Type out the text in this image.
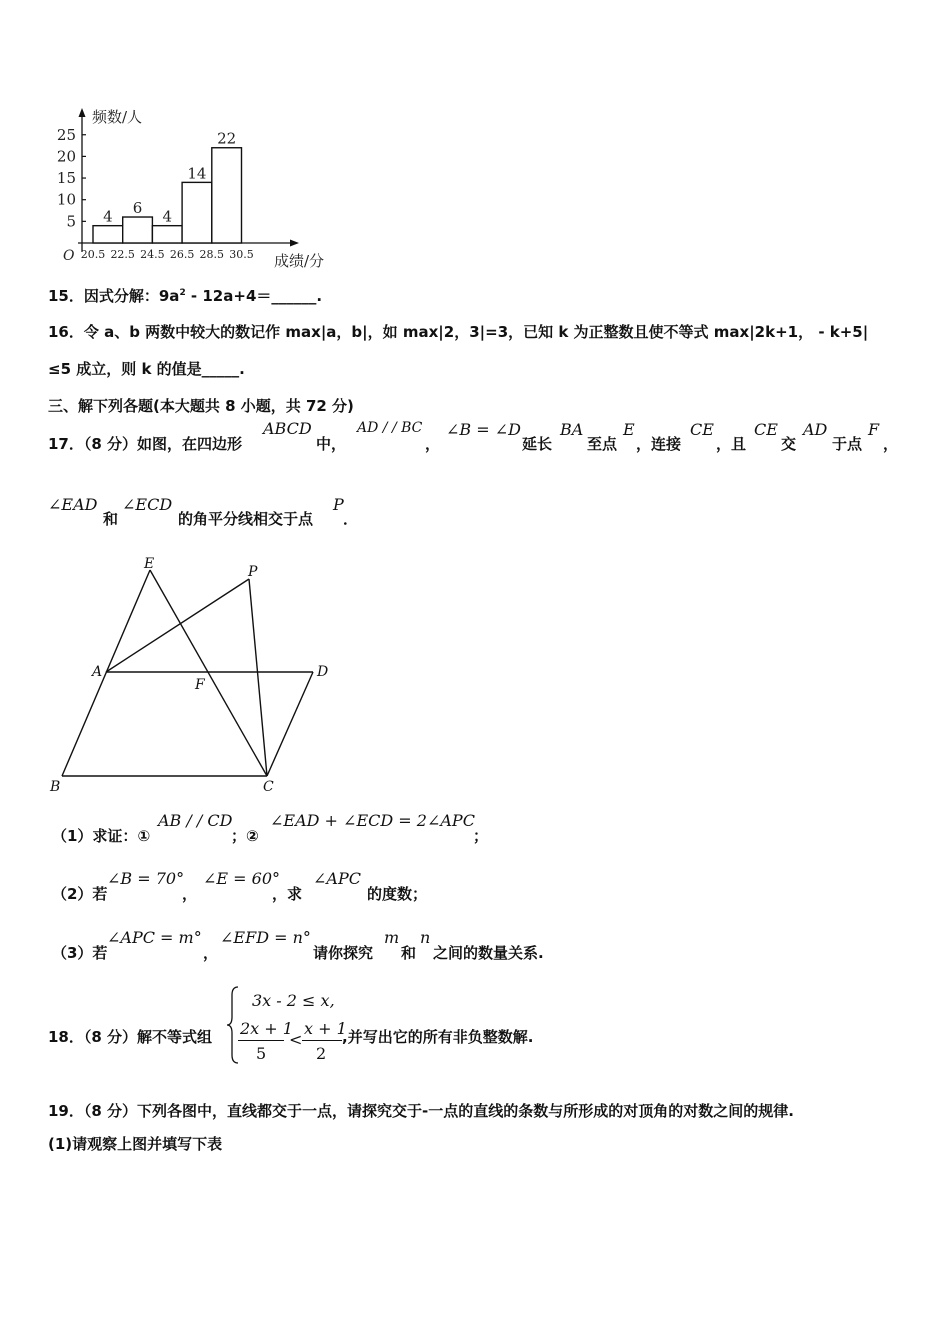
频数/人
成绩/分
O
5
10
15
20
25
20.5 22.5 24.5 26.5 28.5 30.5
4 6 4
14
22
15．因式分解：$9a^2$ - 12a+4＝______.
16．令 a、b 两数中较大的数记作 max|a，b|，如 max|2，3|=3，已知 k 为正整数且使不等式 max|2k+1， - k+5|
≤5 成立，则 k 的值是_____.
三、解下列各题(本大题共 8 小题，共 72 分)
17．（8 分）如图，在四边形
ABCD
中，
AD / / BC
，
∠B = ∠D
延长
BA
至点
E
，连接
CE
，且
CE
交
AD
于点
F
，
∠EAD
和
∠ECD
的角平分线相交于点
P
．
E	P
A
F
D
B	C
（1）求证：①
AB / / CD
；②
∠EAD + ∠ECD = 2∠APC
；
（2）若
∠B = 70°
，
∠E = 60°
，求
∠APC
的度数；
（3）若
∠APC = m°
，
∠EFD = n°
请你探究
m
和
n
之间的数量关系.
18．（8 分）解不等式组
3x - 2 ≤ x,
2x + 1
5
<
x + 1
2
,并写出它的所有非负整数解.
19．（8 分）下列各图中，直线都交于一点，请探究交于-一点的直线的条数与所形成的对顶角的对数之间的规律.
(1)请观察上图并填写下表
